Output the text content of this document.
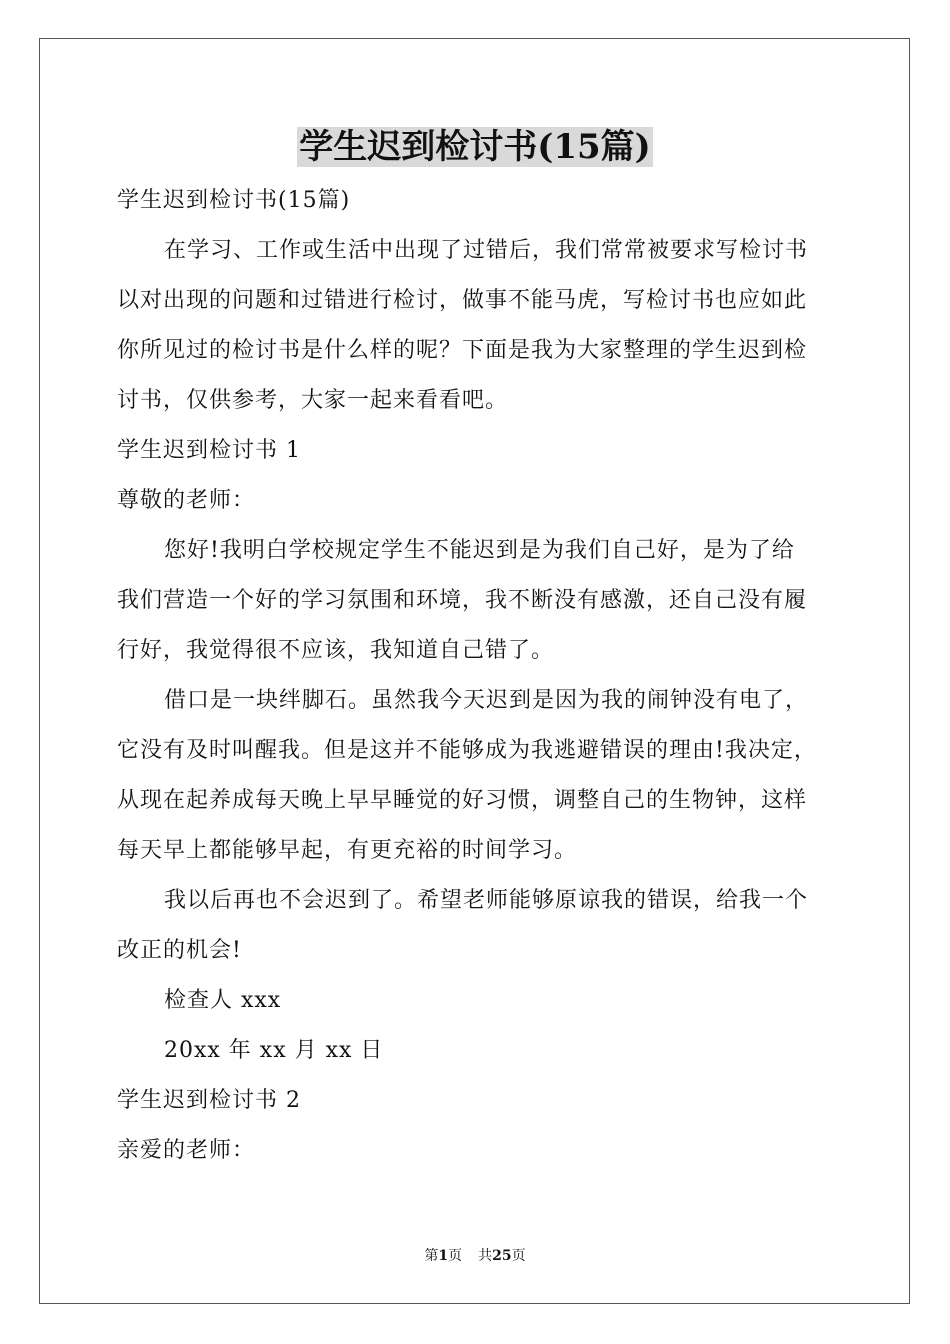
学生迟到检讨书(15篇)
学生迟到检讨书(15篇)
在学习、工作或生活中出现了过错后，我们常常被要求写检讨书
以对出现的问题和过错进行检讨，做事不能马虎，写检讨书也应如此
你所见过的检讨书是什么样的呢？下面是我为大家整理的学生迟到检
讨书，仅供参考，大家一起来看看吧。
学生迟到检讨书 1
尊敬的老师：
您好!我明白学校规定学生不能迟到是为我们自己好，是为了给
我们营造一个好的学习氛围和环境，我不断没有感激，还自己没有履
行好，我觉得很不应该，我知道自己错了。
借口是一块绊脚石。虽然我今天迟到是因为我的闹钟没有电了，
它没有及时叫醒我。但是这并不能够成为我逃避错误的理由!我决定，
从现在起养成每天晚上早早睡觉的好习惯，调整自己的生物钟，这样
每天早上都能够早起，有更充裕的时间学习。
我以后再也不会迟到了。希望老师能够原谅我的错误，给我一个
改正的机会!
检查人 xxx
20xx 年 xx 月 xx 日
学生迟到检讨书 2
亲爱的老师：
第1页 共25页
